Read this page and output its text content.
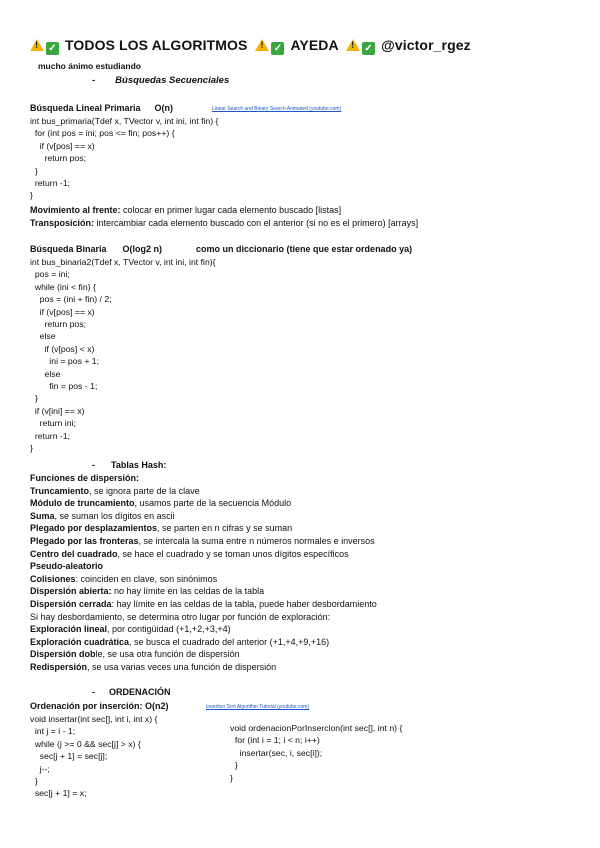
!✓ TODOS LOS ALGORITMOS !	✓ AYEDA !	✓ @victor_rgez
mucho ánimo estudiando
- Búsquedas Secuenciales
Búsqueda Lineal Primaria O(n)	Linear Search and Binary Search Animated (youtube.com)
int bus_primaria(Tdef x, TVector v, int ini, int fin) {
for (int pos = ini; pos <= fin; pos++) {
if (v[pos] == x)
return pos;
}
return -1;
}
Movimiento al frente: colocar en primer lugar cada elemento buscado [listas]
Transposición: intercambiar cada elemento buscado con el anterior (si no es el primero) [arrays]
Búsqueda Binaria O(log2 n)	como un diccionario (tiene que estar ordenado ya)
int bus_binaria2(Tdef x, TVector v, int ini, int fin){
pos = ini;
while (ini < fin) {
pos = (ini + fin) / 2;
if (v[pos] == x)
return pos;
else
if (v[pos] < x)
ini = pos + 1;
else
fin = pos - 1;
}
if (v[ini] == x)
return ini;
return -1;
}
- Tablas Hash:
Funciones de dispersión:
Truncamiento, se ignora parte de la clave
Módulo de truncamiento, usamos parte de la secuencia Módulo
Suma, se suman los dígitos en ascii
Plegado por desplazamientos, se parten en n cifras y se suman
Plegado por las fronteras, se intercala la suma entre n números normales e inversos
Centro del cuadrado, se hace el cuadrado y se toman unos dígitos específicos
Pseudo-aleatorio
Colisiones: coinciden en clave, son sinónimos
Dispersión abierta: no hay límite en las celdas de la tabla
Dispersión cerrada: hay límite en las celdas de la tabla, puede haber desbordamiento
Si hay desbordamiento, se determina otro lugar por función de exploración:
Exploración lineal, por contigüidad (+1,+2,+3,+4)
Exploración cuadrática, se busca el cuadrado del anterior (+1,+4,+9,+16)
Dispersión doble, se usa otra función de dispersión
Redispersión, se usa varias veces una función de dispersión
- ORDENACIÓN
Ordenación por inserción: O(n2)	Insertion Sort Algorithm Tutorial (youtube.com)
void insertar(int sec[], int i, int x) {
int j = i - 1;
while (j >= 0 && sec[j] > x) {
sec[j + 1] = sec[j];
j--;
}
sec[j + 1] = x;
void ordenacionPorInsercion(int sec[], int n) {
for (int i = 1; i < n; i++)
insertar(sec, i, sec[i]);
}
}
